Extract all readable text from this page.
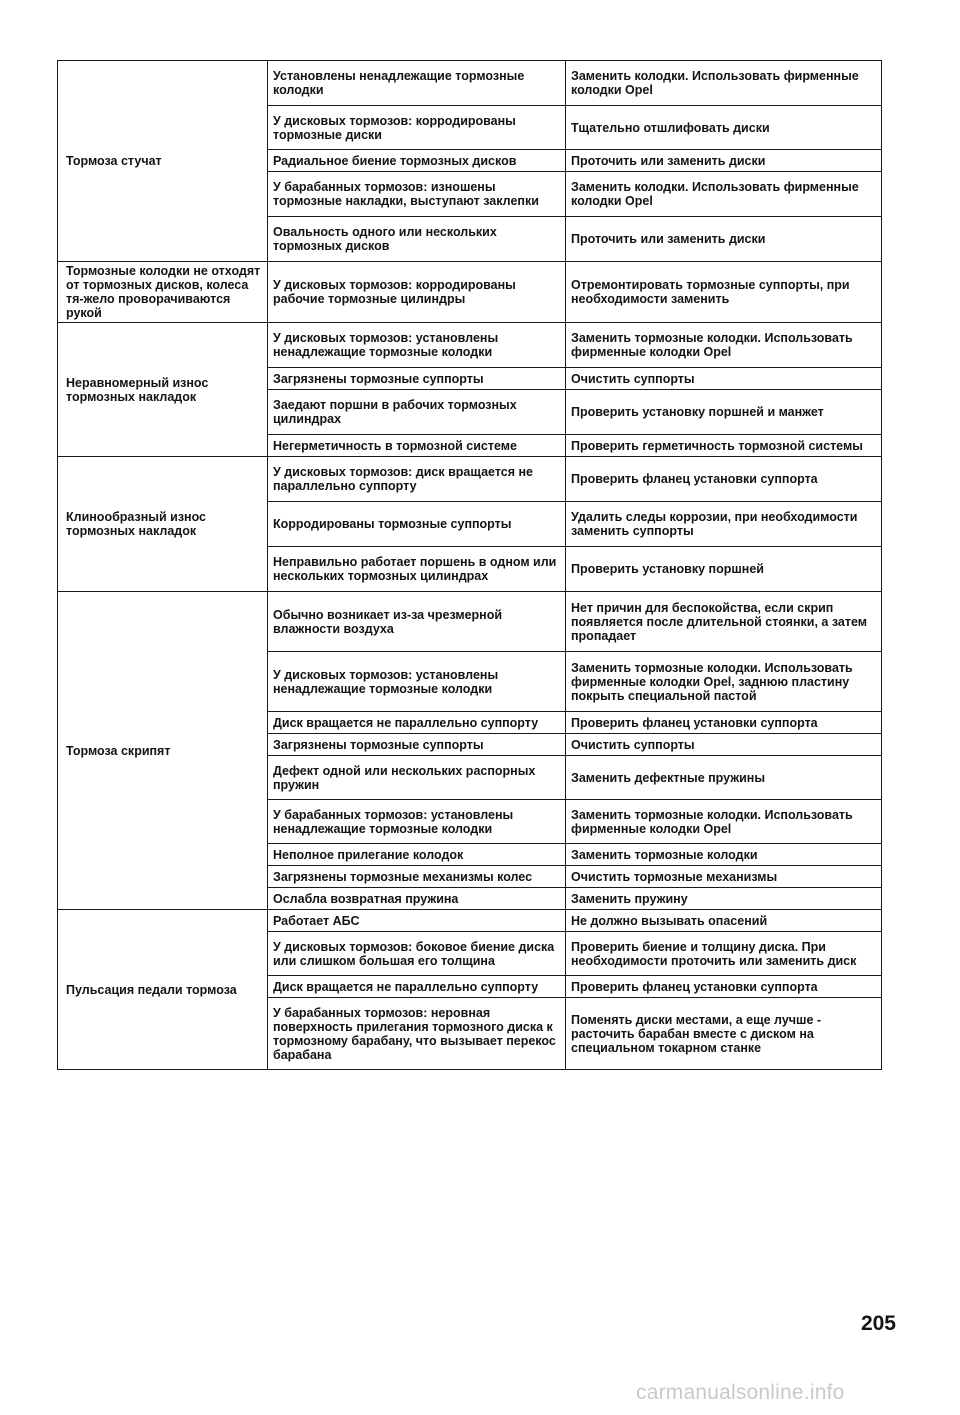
Тормоза стучат	Установлены ненадлежащие тормозные колодки	Заменить колодки. Использовать фирменные колодки Opel
	У дисковых тормозов: корродированы тормозные диски	Тщательно отшлифовать диски
	Радиальное биение тормозных дисков	Проточить или заменить диски
	У барабанных тормозов: изношены тормозные накладки, выступают заклепки	Заменить колодки. Использовать фирменные колодки Opel
	Овальность одного или нескольких тормозных дисков	Проточить или заменить диски
Тормозные колодки не отходят от тормозных дисков, колеса тя-жело проворачиваются рукой	У дисковых тормозов: корродированы рабочие тормозные цилиндры	Отремонтировать тормозные суппорты, при необходимости заменить
Неравномерный износ тормозных накладок	У дисковых тормозов: установлены ненадлежащие тормозные колодки	Заменить тормозные колодки. Использовать фирменные колодки Opel
	Загрязнены тормозные суппорты	Очистить суппорты
	Заедают поршни в рабочих тормозных цилиндрах	Проверить установку поршней и манжет
	Негерметичность в тормозной системе	Проверить герметичность тормозной системы
Клинообразный износ тормозных накладок	У дисковых тормозов: диск вращается не параллельно суппорту	Проверить фланец установки суппорта
	Корродированы тормозные суппорты	Удалить следы коррозии, при необходимости заменить суппорты
	Неправильно работает поршень в одном или нескольких тормозных цилиндрах	Проверить установку поршней
Тормоза скрипят	Обычно возникает из-за чрезмерной влажности воздуха	Нет причин для беспокойства, если скрип появляется после длительной стоянки, а затем пропадает
	У дисковых тормозов: установлены ненадлежащие тормозные колодки	Заменить тормозные колодки. Использовать фирменные колодки Opel, заднюю пластину покрыть специальной пастой
	Диск вращается не параллельно суппорту	Проверить фланец установки суппорта
	Загрязнены тормозные суппорты	Очистить суппорты
	Дефект одной или нескольких распорных пружин	Заменить дефектные пружины
	У барабанных тормозов: установлены ненадлежащие тормозные колодки	Заменить тормозные колодки. Использовать фирменные колодки Opel
	Неполное прилегание колодок	Заменить тормозные колодки
	Загрязнены тормозные механизмы колес	Очистить тормозные механизмы
	Ослабла возвратная пружина	Заменить пружину
Пульсация педали тормоза	Работает АБС	Не должно вызывать опасений
	У дисковых тормозов: боковое биение диска или слишком большая его толщина	Проверить биение и толщину диска. При необходимости проточить или заменить диск
	Диск вращается не параллельно суппорту	Проверить фланец установки суппорта
	У барабанных тормозов: неровная поверхность прилегания тормозного диска к тормозному барабану, что вызывает перекос барабана	Поменять диски местами, а еще лучше - расточить барабан вместе с диском на специальном токарном станке
205
carmanualsonline.info
